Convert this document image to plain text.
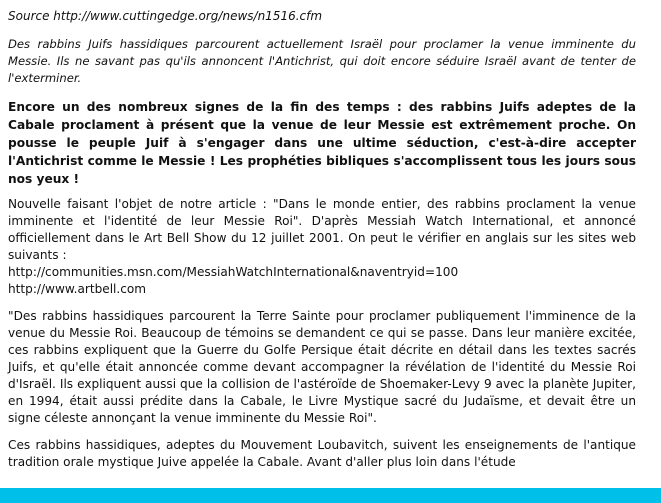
Source http://www.cuttingedge.org/news/n1516.cfm

Des rabbins Juifs hassidiques parcourent actuellement Israël pour proclamer la venue imminente du Messie. Ils ne savant pas qu'ils annoncent l'Antichrist, qui doit encore séduire Israël avant de tenter de l'exterminer.

Encore un des nombreux signes de la fin des temps : des rabbins Juifs adeptes de la Cabale proclament à présent que la venue de leur Messie est extrêmement proche. On pousse le peuple Juif à s'engager dans une ultime séduction, c'est-à-dire accepter l'Antichrist comme le Messie ! Les prophéties bibliques s'accomplissent tous les jours sous nos yeux !

Nouvelle faisant l'objet de notre article : "Dans le monde entier, des rabbins proclament la venue imminente et l'identité de leur Messie Roi". D'après Messiah Watch International, et annoncé officiellement dans le Art Bell Show du 12 juillet 2001. On peut le vérifier en anglais sur les sites web suivants :
http://communities.msn.com/MessiahWatchInternational&naventryid=100
http://www.artbell.com

"Des rabbins hassidiques parcourent la Terre Sainte pour proclamer publiquement l'imminence de la venue du Messie Roi. Beaucoup de témoins se demandent ce qui se passe. Dans leur manière excitée, ces rabbins expliquent que la Guerre du Golfe Persique était décrite en détail dans les textes sacrés Juifs, et qu'elle était annoncée comme devant accompagner la révélation de l'identité du Messie Roi d'Israël. Ils expliquent aussi que la collision de l'astéroïde de Shoemaker-Levy 9 avec la planète Jupiter, en 1994, était aussi prédite dans la Cabale, le Livre Mystique sacré du Judaïsme, et devait être un signe céleste annonçant la venue imminente du Messie Roi".

Ces rabbins hassidiques, adeptes du Mouvement Loubavitch, suivent les enseignements de l'antique tradition orale mystique Juive appelée la Cabale. Avant d'aller plus loin dans l'étude
